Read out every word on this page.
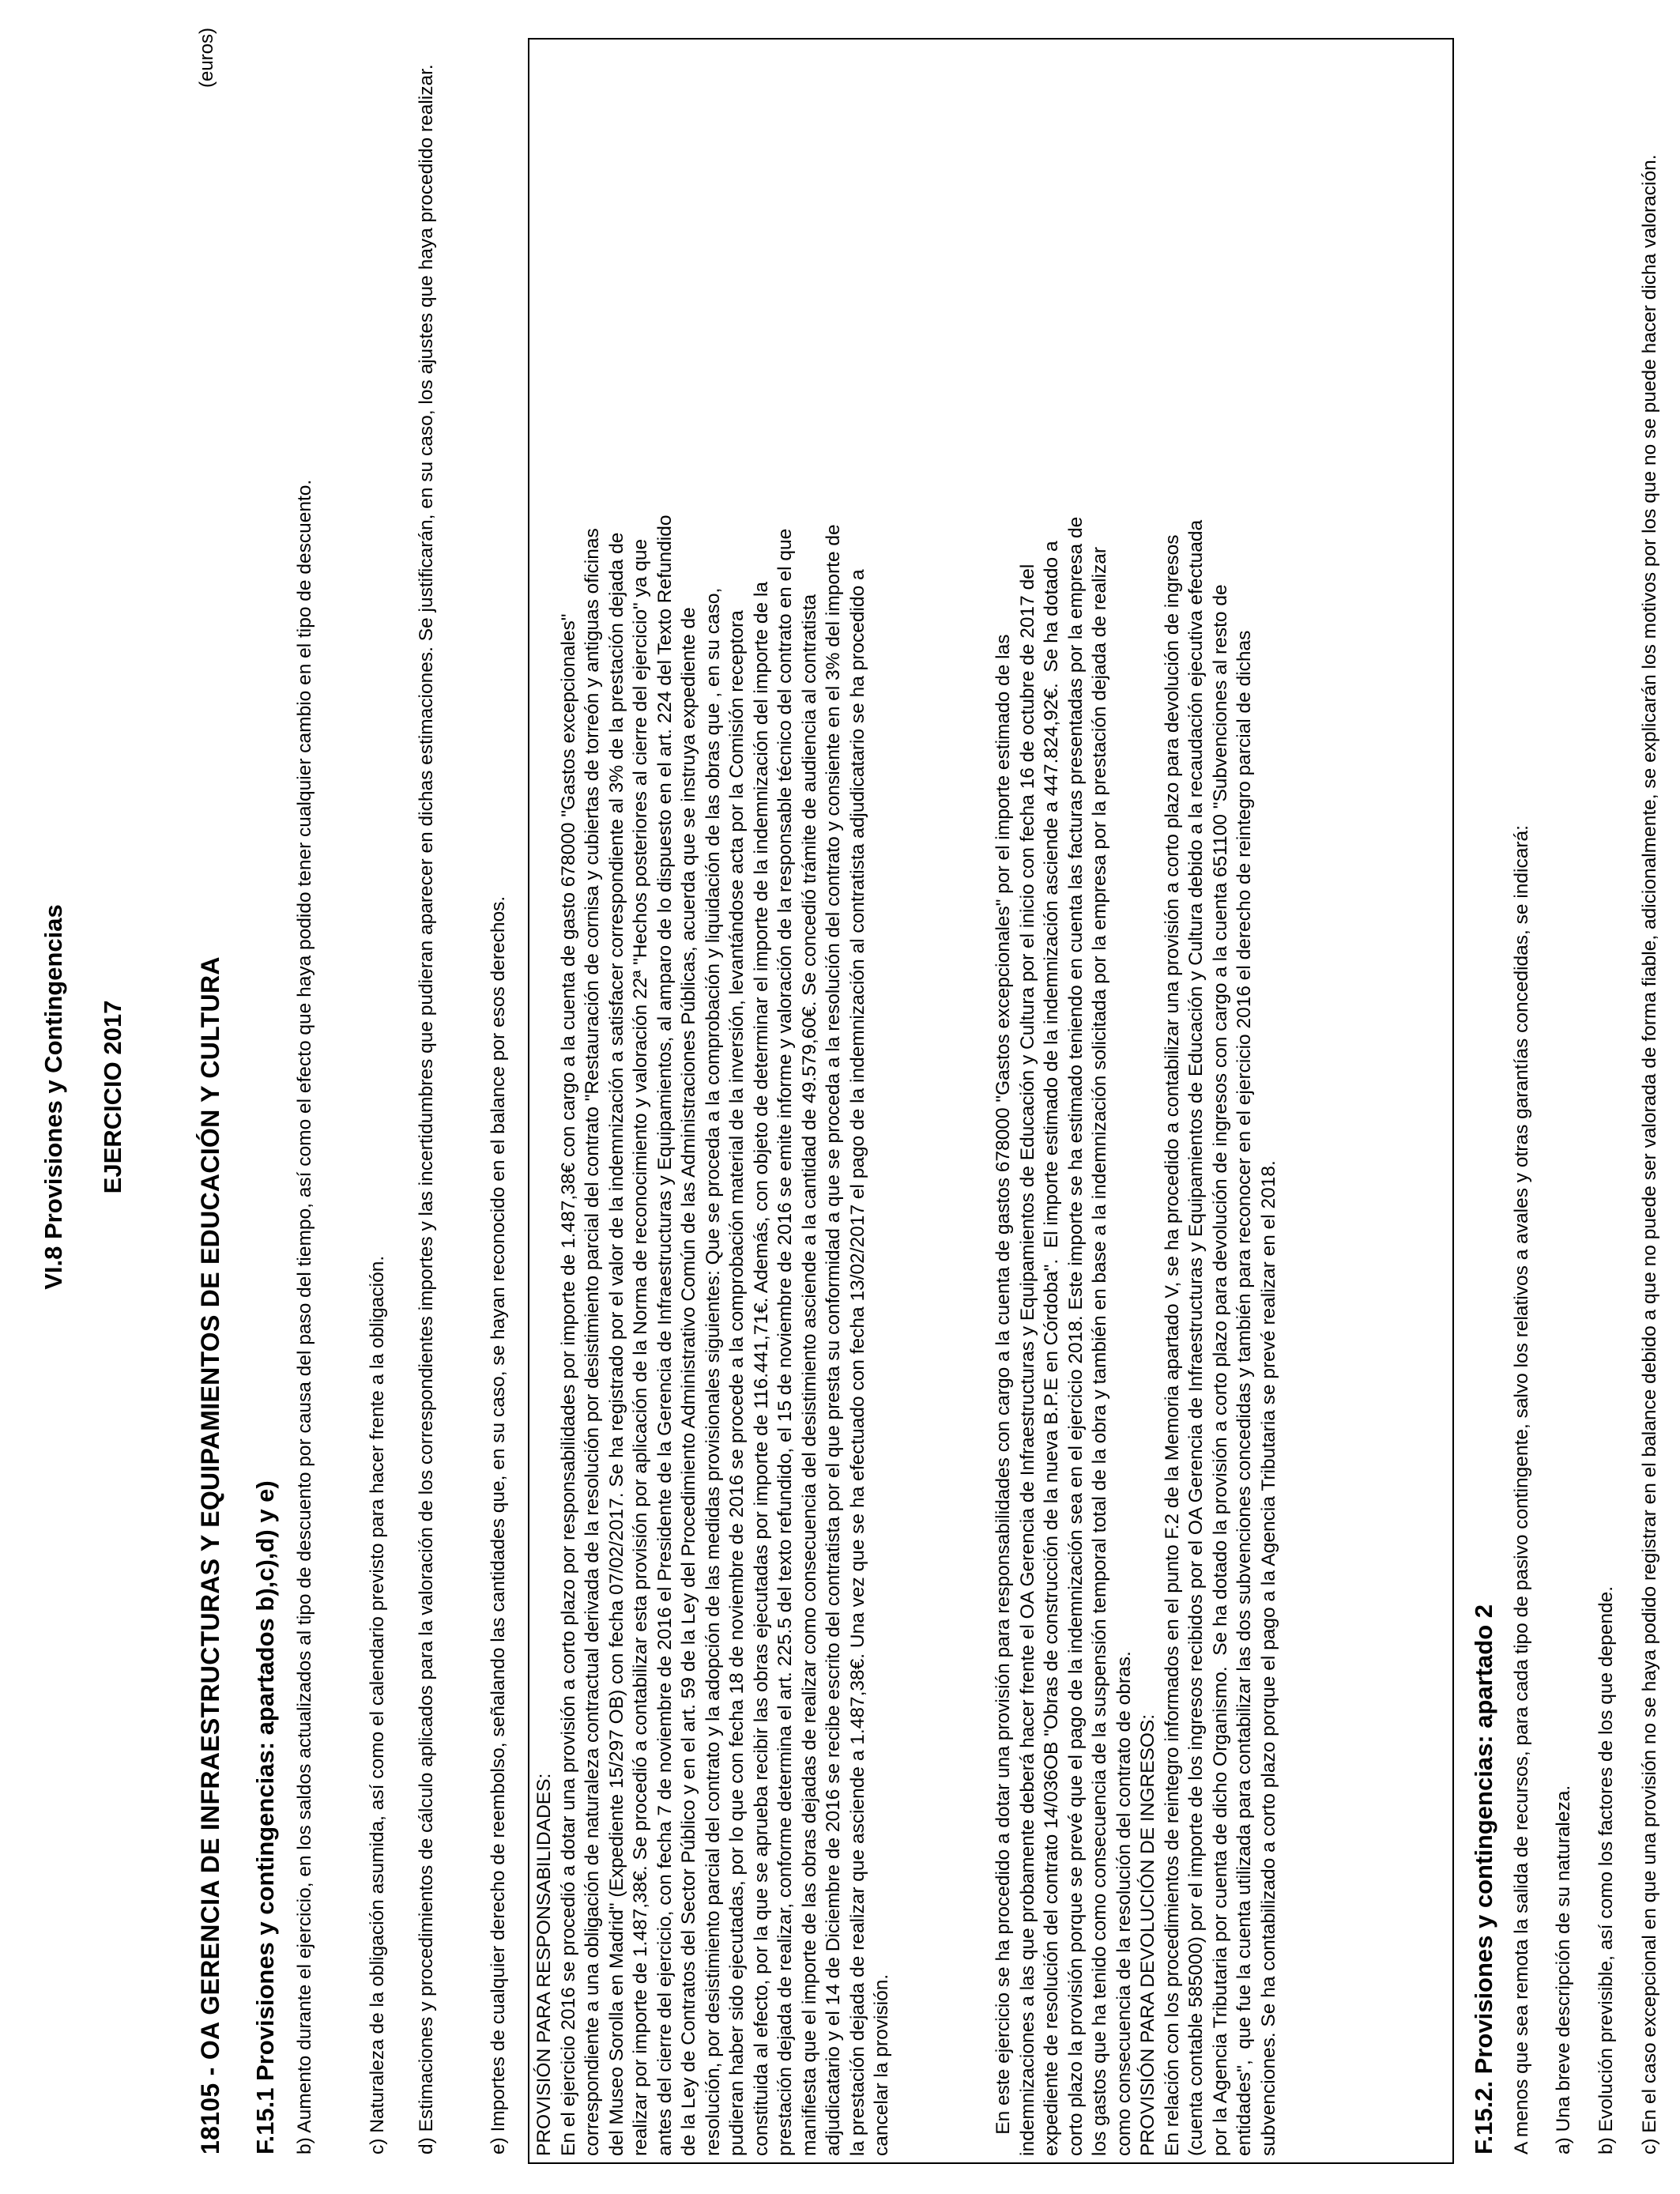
VI.8 Provisiones y Contingencias EJERCICIO 2017	18105 - OA GERENCIA DE INFRAESTRUCTURAS Y EQUIPAMIENTOS DE EDUCACIÓN Y CULTURA
(euros)
F.15.1 Provisiones y contingencias: apartados b),c),d) y e) b) Aumento durante el ejercicio, en los saldos actualizados al tipo de descuento por causa del paso del tiempo, así como el efecto que haya podido tener cualquier cambio en el tipo de descuento.	c) Naturaleza de la obligación asumida, así como el calendario previsto para hacer frente a la obligación. d) Estimaciones y procedimientos de cálculo aplicados para la valoración de los correspondientes importes y las incertidumbres que pudieran aparecer en dichas estimaciones. Se justificarán, en su caso, los ajustes que haya procedido realizar.	e) Importes de cualquier derecho de reembolso, señalando las cantidades que, en su caso, se hayan reconocido en el balance por esos derechos. PROVISIÓN PARA RESPONSABILIDADES:
En el ejercicio 2016 se procedió a dotar una provisión a corto plazo por responsabilidades por importe de 1.487,38€ con cargo a la cuenta de gasto 678000 "Gastos excepcionales"
correspondiente a una obligación de naturaleza contractual derivada de la resolución por desistimiento parcial del contrato "Restauración de cornisa y cubiertas de torreón y antiguas oficinas
del Museo Sorolla en Madrid" (Expediente 15/297 OB) con fecha 07/02/2017. Se ha registrado por el valor de la indemnización a satisfacer correspondiente al 3% de la prestación dejada de
realizar por importe de 1.487,38€. Se procedió a contabilizar esta provisión por aplicación de la Norma de reconocimiento y valoración 22ª "Hechos posteriores al cierre del ejercicio" ya que
antes del cierre del ejercicio, con fecha 7 de noviembre de 2016 el Presidente de la Gerencia de Infraestructuras y Equipamientos, al amparo de lo dispuesto en el art. 224 del Texto Refundido
de la Ley de Contratos del Sector Público y en el art. 59 de la Ley del Procedimiento Administrativo Común de las Administraciones Públicas, acuerda que se instruya expediente de
resolución, por desistimiento parcial del contrato y la adopción de las medidas provisionales siguientes: Que se proceda a la comprobación y liquidación de las obras que , en su caso,
pudieran haber sido ejecutadas, por lo que con fecha 18 de noviembre de 2016 se procede a la comprobación material de la inversión, levantándose acta por la Comisión receptora
constituida al efecto, por la que se aprueba recibir las obras ejecutadas por importe de 116.441,71€. Además, con objeto de determinar el importe de la indemnización del importe de la
prestación dejada de realizar, conforme determina el art. 225.5 del texto refundido, el 15 de noviembre de 2016 se emite informe y valoración de la responsable técnico del contrato en el que
manifiesta que el importe de las obras dejadas de realizar como consecuencia del desistimiento asciende a la cantidad de 49.579,60€. Se concedió trámite de audiencia al contratista
adjudicatario y el 14 de Diciembre de 2016 se recibe escrito del contratista por el que presta su conformidad a que se proceda a la resolución del contrato y consiente en el 3% del importe de
la prestación dejada de realizar que asciende a 1.487,38€. Una vez que se ha efectuado con fecha 13/02/2017 el pago de la indemnización al contratista adjudicatario se ha procedido a
cancelar la provisión.
En este ejercicio se ha procedido a dotar una provisión para responsabilidades con cargo a la cuenta de gastos 678000 "Gastos excepcionales" por el importe estimado de las
indemnizaciones a las que probamente deberá hacer frente el OA Gerencia de Infraestructuras y Equipamientos de Educación y Cultura por el inicio con fecha 16 de octubre de 2017 del
expediente de resolución del contrato 14/036OB "Obras de construcción de la nueva B.P.E en Córdoba".  El importe estimado de la indemnización asciende a 447.824,92€.  Se ha dotado a
corto plazo la provisión porque se prevé que el pago de la indemnización sea en el ejercicio 2018. Este importe se ha estimado teniendo en cuenta las facturas presentadas por la empresa de
los gastos que ha tenido como consecuencia de la suspensión temporal total de la obra y también en base a la indemnización solicitada por la empresa por la prestación dejada de realizar
como consecuencia de la resolución del contrato de obras.
PROVISIÓN PARA DEVOLUCIÓN DE INGRESOS:
En relación con los procedimientos de reintegro informados en el punto F.2 de la Memoria apartado V, se ha procedido a contabilizar una provisión a corto plazo para devolución de ingresos
(cuenta contable 585000) por el importe de los ingresos recibidos por el OA Gerencia de Infraestructuras y Equipamientos de Educación y Cultura debido a la recaudación ejecutiva efectuada
por la Agencia Tributaria por cuenta de dicho Organismo.  Se ha dotado la provisión a corto plazo para devolución de ingresos con cargo a la cuenta 651100 "Subvenciones al resto de
entidades",  que fue la cuenta utilizada para contabilizar las dos subvenciones concedidas y también para reconocer en el ejercicio 2016 el derecho de reintegro parcial de dichas
subvenciones. Se ha contabilizado a corto plazo porque el pago a la Agencia Tributaria se prevé realizar en el 2018.
F.15.2. Provisiones y contingencias: apartado 2 A menos que sea remota la salida de recursos, para cada tipo de pasivo contingente, salvo los relativos a avales y otras garantías concedidas, se indicará: a) Una breve descripción de su naturaleza. b) Evolución previsible, así como los factores de los que depende. c) En el caso excepcional en que una provisión no se haya podido registrar en el balance debido a que no puede ser valorada de forma fiable, adicionalmente, se explicarán los motivos por los que no se puede hacer dicha valoración.
